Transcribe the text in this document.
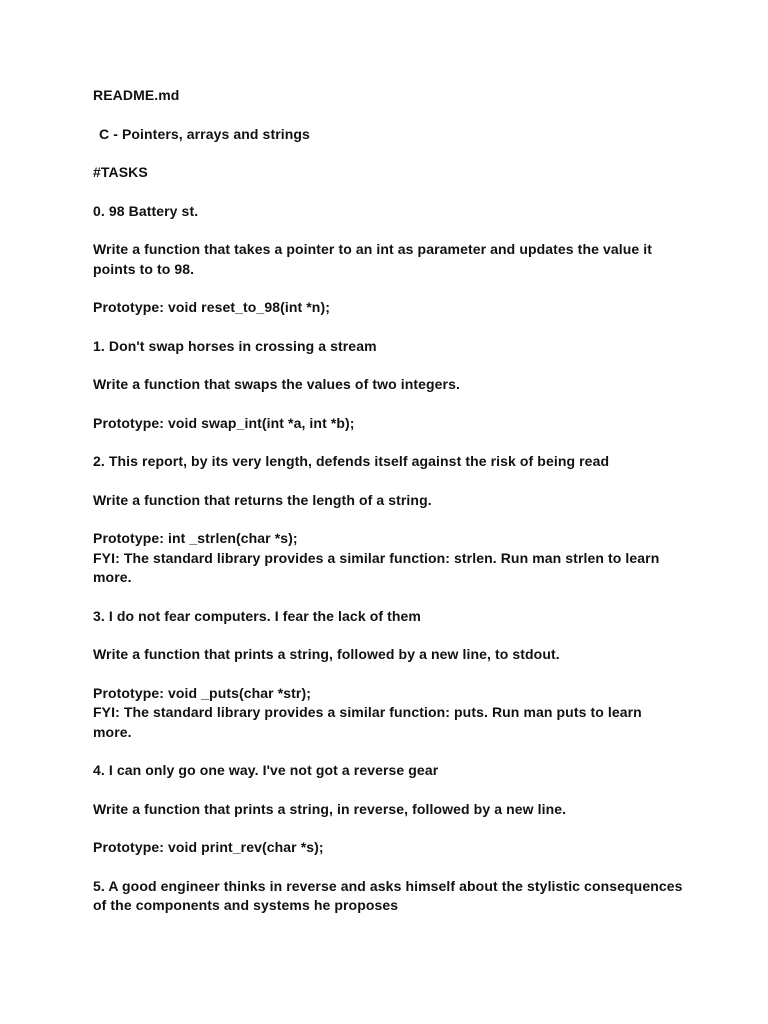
README.md

C - Pointers, arrays and strings

#TASKS

0. 98 Battery st.

Write a function that takes a pointer to an int as parameter and updates the value it points to to 98.

Prototype: void reset_to_98(int *n);

1. Don't swap horses in crossing a stream

Write a function that swaps the values of two integers.

Prototype: void swap_int(int *a, int *b);

2. This report, by its very length, defends itself against the risk of being read

Write a function that returns the length of a string.

Prototype: int _strlen(char *s);
FYI: The standard library provides a similar function: strlen. Run man strlen to learn more.

3. I do not fear computers. I fear the lack of them

Write a function that prints a string, followed by a new line, to stdout.

Prototype: void _puts(char *str);
FYI: The standard library provides a similar function: puts. Run man puts to learn more.

4. I can only go one way. I've not got a reverse gear

Write a function that prints a string, in reverse, followed by a new line.

Prototype: void print_rev(char *s);

5. A good engineer thinks in reverse and asks himself about the stylistic consequences of the components and systems he proposes
